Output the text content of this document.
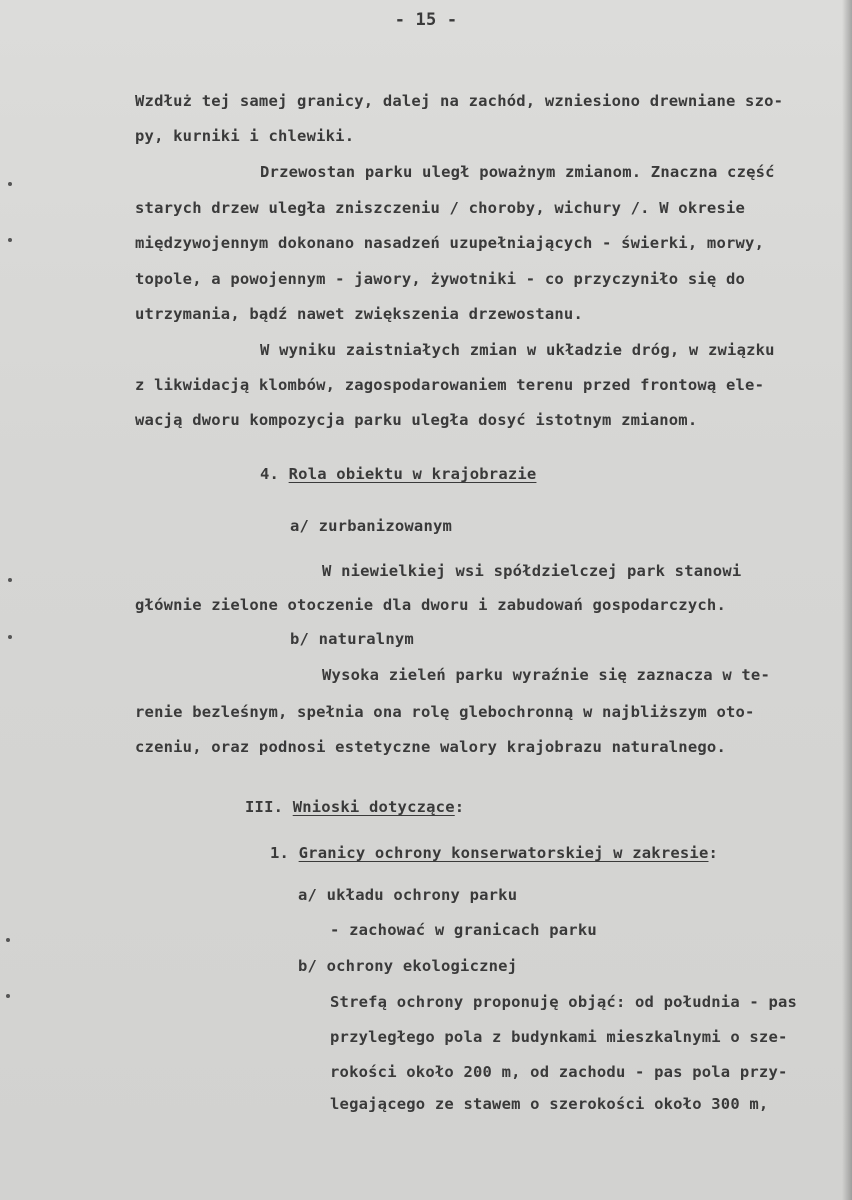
- 15 -
Wzdłuż tej samej granicy, dalej na zachód, wzniesiono drewniane szo-
py, kurniki i chlewiki.
Drzewostan parku uległ poważnym zmianom. Znaczna część
starych drzew uległa zniszczeniu / choroby, wichury /. W okresie
międzywojennym dokonano nasadzeń uzupełniających - świerki, morwy,
topole, a powojennym - jawory, żywotniki - co przyczyniło się do
utrzymania, bądź nawet zwiększenia drzewostanu.
W wyniku zaistniałych zmian w układzie dróg, w związku
z likwidacją klombów, zagospodarowaniem terenu przed frontową ele-
wacją dworu kompozycja parku uległa dosyć istotnym zmianom.
4. Rola obiektu w krajobrazie
a/ zurbanizowanym
W niewielkiej wsi spółdzielczej park stanowi
głównie zielone otoczenie dla dworu i zabudowań gospodarczych.
b/ naturalnym
Wysoka zieleń parku wyraźnie się zaznacza w te-
renie bezleśnym, spełnia ona rolę glebochronną w najbliższym oto-
czeniu, oraz podnosi estetyczne walory krajobrazu naturalnego.
III. Wnioski dotyczące:
1. Granicy ochrony konserwatorskiej w zakresie:
a/ układu ochrony parku
- zachować w granicach parku
b/ ochrony ekologicznej
Strefą ochrony proponuję objąć: od południa - pas
przyległego pola z budynkami mieszkalnymi o sze-
rokości około 200 m, od zachodu - pas pola przy-
legającego ze stawem o szerokości około 300 m,
